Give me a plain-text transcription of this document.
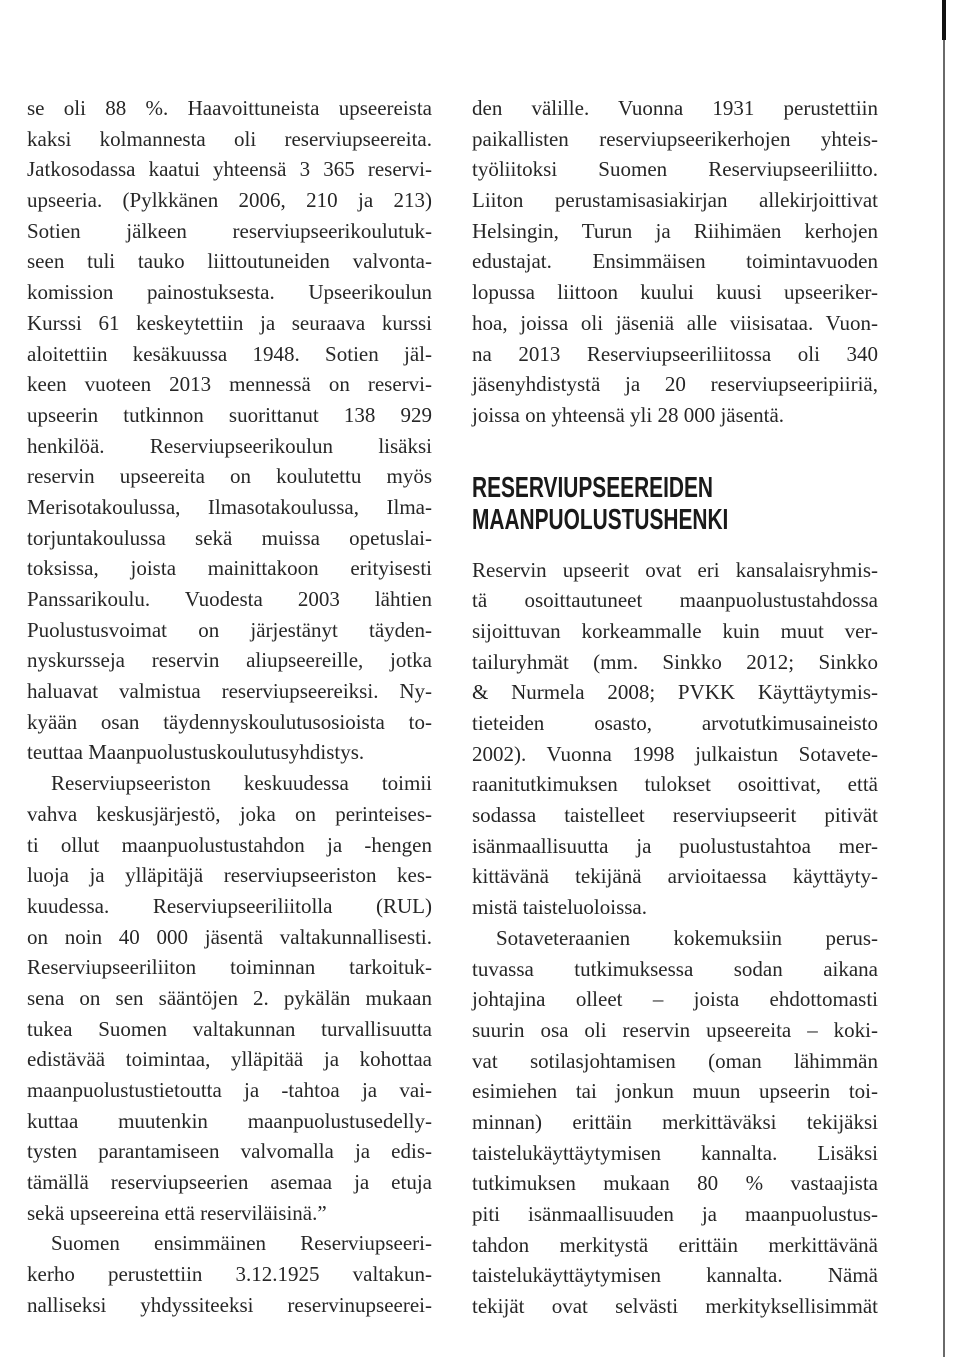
se oli 88 %. Haavoittuneista upseereista
kaksi kolmannesta oli reserviupseereita.
Jatkosodassa kaatui yhteensä 3 365 reservi-
upseeria. (Pylkkänen 2006, 210 ja 213)
Sotien jälkeen reserviupseerikoulutuk-
seen tuli tauko liittoutuneiden valvonta-
komission painostuksesta. Upseerikoulun
Kurssi 61 keskeytettiin ja seuraava kurssi
aloitettiin kesäkuussa 1948. Sotien jäl-
keen vuoteen 2013 mennessä on reservi-
upseerin tutkinnon suorittanut 138 929
henkilöä. Reserviupseerikoulun lisäksi
reservin upseereita on koulutettu myös
Merisotakoulussa, Ilmasotakoulussa, Ilma-
torjuntakoulussa sekä muissa opetuslai-
toksissa, joista mainittakoon erityisesti
Panssarikoulu. Vuodesta 2003 lähtien
Puolustusvoimat on järjestänyt täyden-
nyskursseja reservin aliupseereille, jotka
haluavat valmistua reserviupseereiksi. Ny-
kyään osan täydennyskoulutusosioista to-
teuttaa Maanpuolustuskoulutusyhdistys.
Reserviupseeriston keskuudessa toimii
vahva keskusjärjestö, joka on perinteises-
ti ollut maanpuolustustahdon ja -hengen
luoja ja ylläpitäjä reserviupseeriston kes-
kuudessa. Reserviupseeriliitolla (RUL)
on noin 40 000 jäsentä valtakunnallisesti.
Reserviupseeriliiton toiminnan tarkoituk-
sena on sen sääntöjen 2. pykälän mukaan
tukea Suomen valtakunnan turvallisuutta
edistävää toimintaa, ylläpitää ja kohottaa
maanpuolustustietoutta ja -tahtoa ja vai-
kuttaa muutenkin maanpuolustusedelly-
tysten parantamiseen valvomalla ja edis-
tämällä reserviupseerien asemaa ja etuja
sekä upseereina että reserviläisinä.”
Suomen ensimmäinen Reserviupseeri-
kerho perustettiin 3.12.1925 valtakun-
nalliseksi yhdyssiteeksi reservinupseerei-
den välille. Vuonna 1931 perustettiin
paikallisten reserviupseerikerhojen yhteis-
työliitoksi Suomen Reserviupseeriliitto.
Liiton perustamisasiakirjan allekirjoittivat
Helsingin, Turun ja Riihimäen kerhojen
edustajat. Ensimmäisen toimintavuoden
lopussa liittoon kuului kuusi upseeriker-
hoa, joissa oli jäseniä alle viisisataa. Vuon-
na 2013 Reserviupseeriliitossa oli 340
jäsenyhdistystä ja 20 reserviupseeripiiriä,
joissa on yhteensä yli 28 000 jäsentä.
RESERVIUPSEEREIDEN
MAANPUOLUSTUSHENKI
Reservin upseerit ovat eri kansalaisryhmis-
tä osoittautuneet maanpuolustustahdossa
sijoittuvan korkeammalle kuin muut ver-
tailuryhmät (mm. Sinkko 2012; Sinkko
& Nurmela 2008; PVKK Käyttäytymis-
tieteiden osasto, arvotutkimusaineisto
2002). Vuonna 1998 julkaistun Sotavete-
raanitutkimuksen tulokset osoittivat, että
sodassa taistelleet reserviupseerit pitivät
isänmaallisuutta ja puolustustahtoa mer-
kittävänä tekijänä arvioitaessa käyttäyty-
mistä taisteluoloissa.
Sotaveteraanien kokemuksiin perus-
tuvassa tutkimuksessa sodan aikana
johtajina olleet – joista ehdottomasti
suurin osa oli reservin upseereita – koki-
vat sotilasjohtamisen (oman lähimmän
esimiehen tai jonkun muun upseerin toi-
minnan) erittäin merkittäväksi tekijäksi
taistelukäyttäytymisen kannalta. Lisäksi
tutkimuksen mukaan 80 % vastaajista
piti isänmaallisuuden ja maanpuolustus-
tahdon merkitystä erittäin merkittävänä
taistelukäyttäytymisen kannalta. Nämä
tekijät ovat selvästi merkityksellisimmät
